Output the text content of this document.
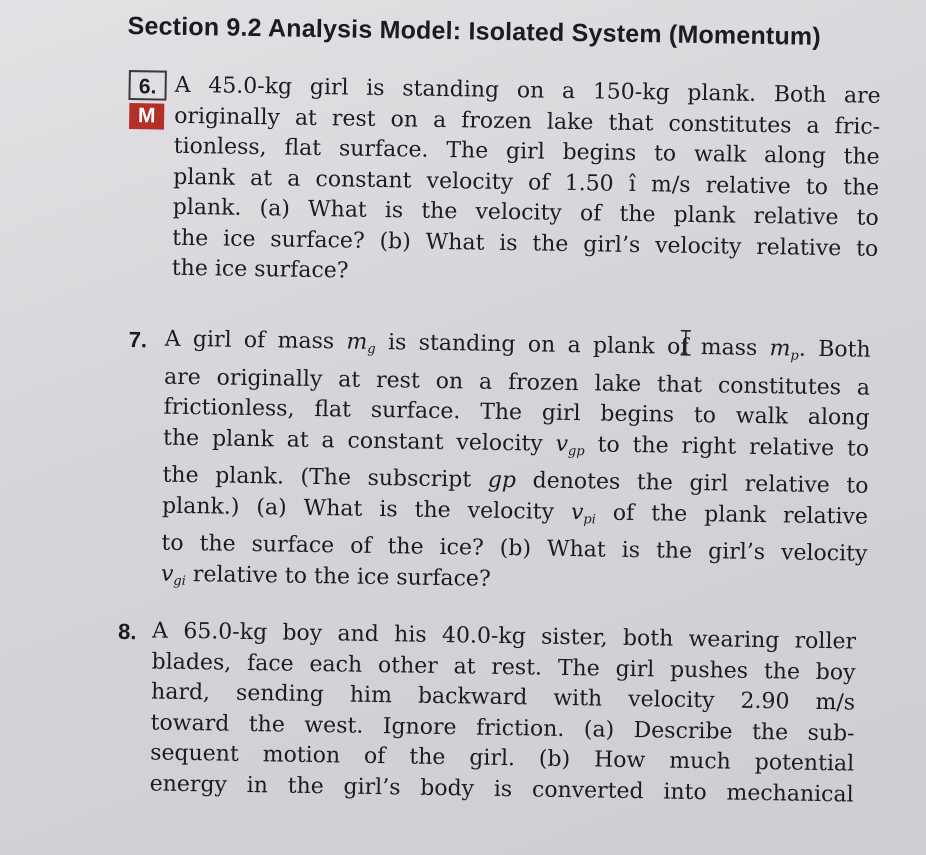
Section 9.2 Analysis Model: Isolated System (Momentum)
6.
M
A 45.0-kg girl is standing on a 150-kg plank. Both are
originally at rest on a frozen lake that constitutes a fric-
tionless, flat surface. The girl begins to walk along the
plank at a constant velocity of 1.50 î m/s relative to the
plank. (a) What is the velocity of the plank relative to
the ice surface? (b) What is the girl’s velocity relative to
the ice surface?
7. A girl of mass $m_g$ is standing on a plank of mass $m_p$. Both
are originally at rest on a frozen lake that constitutes a
frictionless, flat surface. The girl begins to walk along
the plank at a constant velocity $v_{gp}$ to the right relative to
the plank. (The subscript gp denotes the girl relative to
plank.) (a) What is the velocity $v_{pi}$ of the plank relative
to the surface of the ice? (b) What is the girl’s velocity
$v_{gi}$ relative to the ice surface?
8. A 65.0-kg boy and his 40.0-kg sister, both wearing roller
blades, face each other at rest. The girl pushes the boy
hard, sending him backward with velocity 2.90 m/s
toward the west. Ignore friction. (a) Describe the sub-
sequent motion of the girl. (b) How much potential
energy in the girl’s body is converted into mechanical
